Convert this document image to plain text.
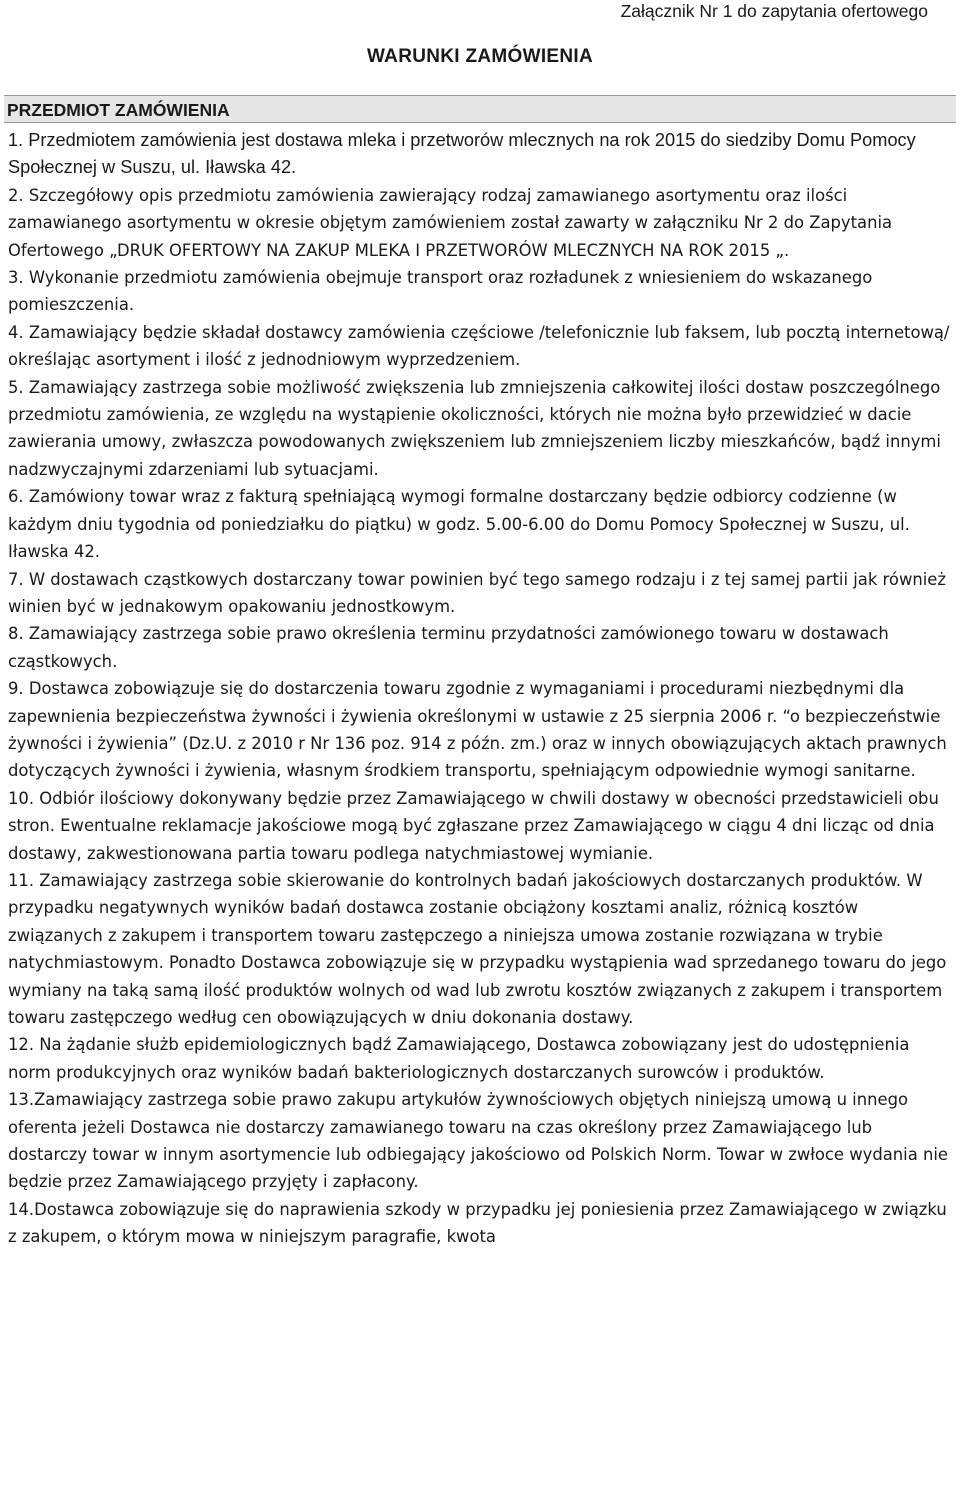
Załącznik Nr 1 do zapytania ofertowego
WARUNKI ZAMÓWIENIA
PRZEDMIOT ZAMÓWIENIA

1. Przedmiotem zamówienia jest dostawa mleka i przetworów mlecznych na rok 2015 do siedziby Domu Pomocy Społecznej w Suszu, ul. Iławska 42.

2. Szczegółowy opis przedmiotu zamówienia zawierający rodzaj zamawianego asortymentu oraz ilości zamawianego asortymentu w okresie objętym zamówieniem został zawarty w załączniku Nr 2 do Zapytania Ofertowego „DRUK OFERTOWY NA ZAKUP MLEKA I PRZETWORÓW MLECZNYCH NA ROK 2015 „.

3. Wykonanie przedmiotu zamówienia obejmuje transport oraz rozładunek z wniesieniem do wskazanego pomieszczenia.

4. Zamawiający będzie składał dostawcy zamówienia częściowe /telefonicznie lub faksem, lub pocztą internetową/ określając asortyment i ilość z jednodniowym wyprzedzeniem.

5. Zamawiający zastrzega sobie możliwość zwiększenia lub zmniejszenia całkowitej ilości dostaw poszczególnego przedmiotu zamówienia, ze względu na wystąpienie okoliczności, których nie można było przewidzieć w dacie zawierania umowy, zwłaszcza powodowanych zwiększeniem lub zmniejszeniem liczby mieszkańców, bądź innymi nadzwyczajnymi zdarzeniami lub sytuacjami.

6. Zamówiony towar wraz z fakturą spełniającą wymogi formalne dostarczany będzie odbiorcy codzienne (w każdym dniu tygodnia od poniedziałku do piątku) w godz. 5.00-6.00 do Domu Pomocy Społecznej w Suszu, ul. Iławska 42.

7. W dostawach cząstkowych dostarczany towar powinien być tego samego rodzaju i z tej samej partii jak również winien być w jednakowym opakowaniu jednostkowym.

8. Zamawiający zastrzega sobie prawo określenia terminu przydatności zamówionego towaru w dostawach cząstkowych.

9. Dostawca zobowiązuje się do dostarczenia towaru zgodnie z wymaganiami i procedurami niezbędnymi dla zapewnienia bezpieczeństwa żywności i żywienia określonymi w ustawie z 25 sierpnia 2006 r. “o bezpieczeństwie żywności i żywienia” (Dz.U. z 2010 r Nr 136 poz. 914 z późn. zm.) oraz w innych obowiązujących aktach prawnych dotyczących żywności i żywienia, własnym środkiem transportu, spełniającym odpowiednie wymogi sanitarne.

10. Odbiór ilościowy dokonywany będzie przez Zamawiającego w chwili dostawy w obecności przedstawicieli obu stron. Ewentualne reklamacje jakościowe mogą być zgłaszane przez Zamawiającego w ciągu 4 dni licząc od dnia dostawy, zakwestionowana partia towaru podlega natychmiastowej wymianie.

11. Zamawiający zastrzega sobie skierowanie do kontrolnych badań jakościowych dostarczanych produktów. W przypadku negatywnych wyników badań dostawca zostanie obciążony kosztami analiz, różnicą kosztów związanych z zakupem i transportem towaru zastępczego a niniejsza umowa zostanie rozwiązana w trybie natychmiastowym. Ponadto Dostawca zobowiązuje się w przypadku wystąpienia wad sprzedanego towaru do jego wymiany na taką samą ilość produktów wolnych od wad lub zwrotu kosztów związanych z zakupem i transportem towaru zastępczego według cen obowiązujących w dniu dokonania dostawy.

12. Na żądanie służb epidemiologicznych bądź Zamawiającego, Dostawca zobowiązany jest do udostępnienia norm produkcyjnych oraz wyników badań bakteriologicznych dostarczanych surowców i produktów.

13.Zamawiający zastrzega sobie prawo zakupu artykułów żywnościowych objętych niniejszą umową u innego oferenta jeżeli Dostawca nie dostarczy zamawianego towaru na czas określony przez Zamawiającego lub dostarczy towar w innym asortymencie lub odbiegający jakościowo od Polskich Norm. Towar w zwłoce wydania nie będzie przez Zamawiającego przyjęty i zapłacony.

14.Dostawca zobowiązuje się do naprawienia szkody w przypadku jej poniesienia przez Zamawiającego w związku z zakupem, o którym mowa w niniejszym paragrafie, kwota
